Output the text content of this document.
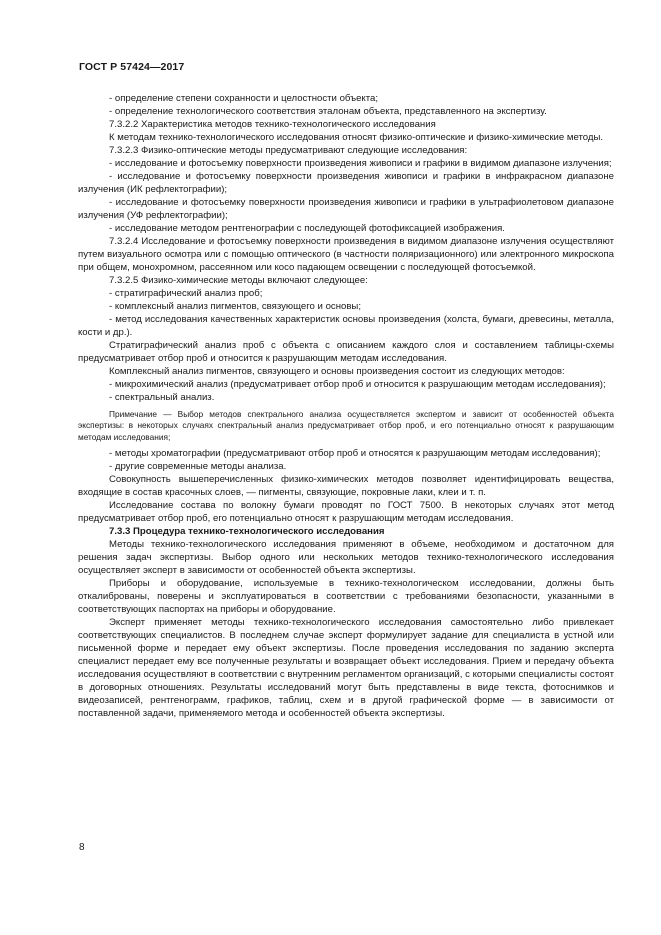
ГОСТ Р 57424—2017

- определение степени сохранности и целостности объекта;

- определение технологического соответствия эталонам объекта, представленного на экспертизу.

7.3.2.2 Характеристика методов технико-технологического исследования

К методам технико-технологического исследования относят физико-оптические и физико-химические методы.

7.3.2.3 Физико-оптические методы предусматривают следующие исследования:

- исследование и фотосъемку поверхности произведения живописи и графики в видимом диапазоне излучения;

- исследование и фотосъемку поверхности произведения живописи и графики в инфракрасном диапазоне излучения (ИК рефлектографии);

- исследование и фотосъемку поверхности произведения живописи и графики в ультрафиолетовом диапазоне излучения (УФ рефлектографии);

- исследование методом рентгенографии с последующей фотофиксацией изображения.

7.3.2.4 Исследование и фотосъемку поверхности произведения в видимом диапазоне излучения осуществляют путем визуального осмотра или с помощью оптического (в частности поляризационного) или электронного микроскопа при общем, монохромном, рассеянном или косо падающем освещении с последующей фотосъемкой.

7.3.2.5 Физико-химические методы включают следующее:

- стратиграфический анализ проб;

- комплексный анализ пигментов, связующего и основы;

- метод исследования качественных характеристик основы произведения (холста, бумаги, древесины, металла, кости и др.).

Стратиграфический анализ проб с объекта с описанием каждого слоя и составлением таблицы-схемы предусматривает отбор проб и относится к разрушающим методам исследования.

Комплексный анализ пигментов, связующего и основы произведения состоит из следующих методов:

- микрохимический анализ (предусматривает отбор проб и относится к разрушающим методам исследования);

- спектральный анализ.

Примечание — Выбор методов спектрального анализа осуществляется экспертом и зависит от особенностей объекта экспертизы: в некоторых случаях спектральный анализ предусматривает отбор проб, и его потенциально относят к разрушающим методам исследования;

- методы хроматографии (предусматривают отбор проб и относятся к разрушающим методам исследования);

- другие современные методы анализа.

Совокупность вышеперечисленных физико-химических методов позволяет идентифицировать вещества, входящие в состав красочных слоев, — пигменты, связующие, покровные лаки, клеи и т. п.

Исследование состава по волокну бумаги проводят по ГОСТ 7500. В некоторых случаях этот метод предусматривает отбор проб, его потенциально относят к разрушающим методам исследования.

7.3.3 Процедура технико-технологического исследования

Методы технико-технологического исследования применяют в объеме, необходимом и достаточном для решения задач экспертизы. Выбор одного или нескольких методов технико-технологического исследования осуществляет эксперт в зависимости от особенностей объекта экспертизы.

Приборы и оборудование, используемые в технико-технологическом исследовании, должны быть откалиброваны, поверены и эксплуатироваться в соответствии с требованиями безопасности, указанными в соответствующих паспортах на приборы и оборудование.

Эксперт применяет методы технико-технологического исследования самостоятельно либо привлекает соответствующих специалистов. В последнем случае эксперт формулирует задание для специалиста в устной или письменной форме и передает ему объект экспертизы. После проведения исследования по заданию эксперта специалист передает ему все полученные результаты и возвращает объект исследования. Прием и передачу объекта исследования осуществляют в соответствии с внутренним регламентом организаций, с которыми специалисты состоят в договорных отношениях. Результаты исследований могут быть представлены в виде текста, фотоснимков и видеозаписей, рентгенограмм, графиков, таблиц, схем и в другой графической форме — в зависимости от поставленной задачи, применяемого метода и особенностей объекта экспертизы.

8
